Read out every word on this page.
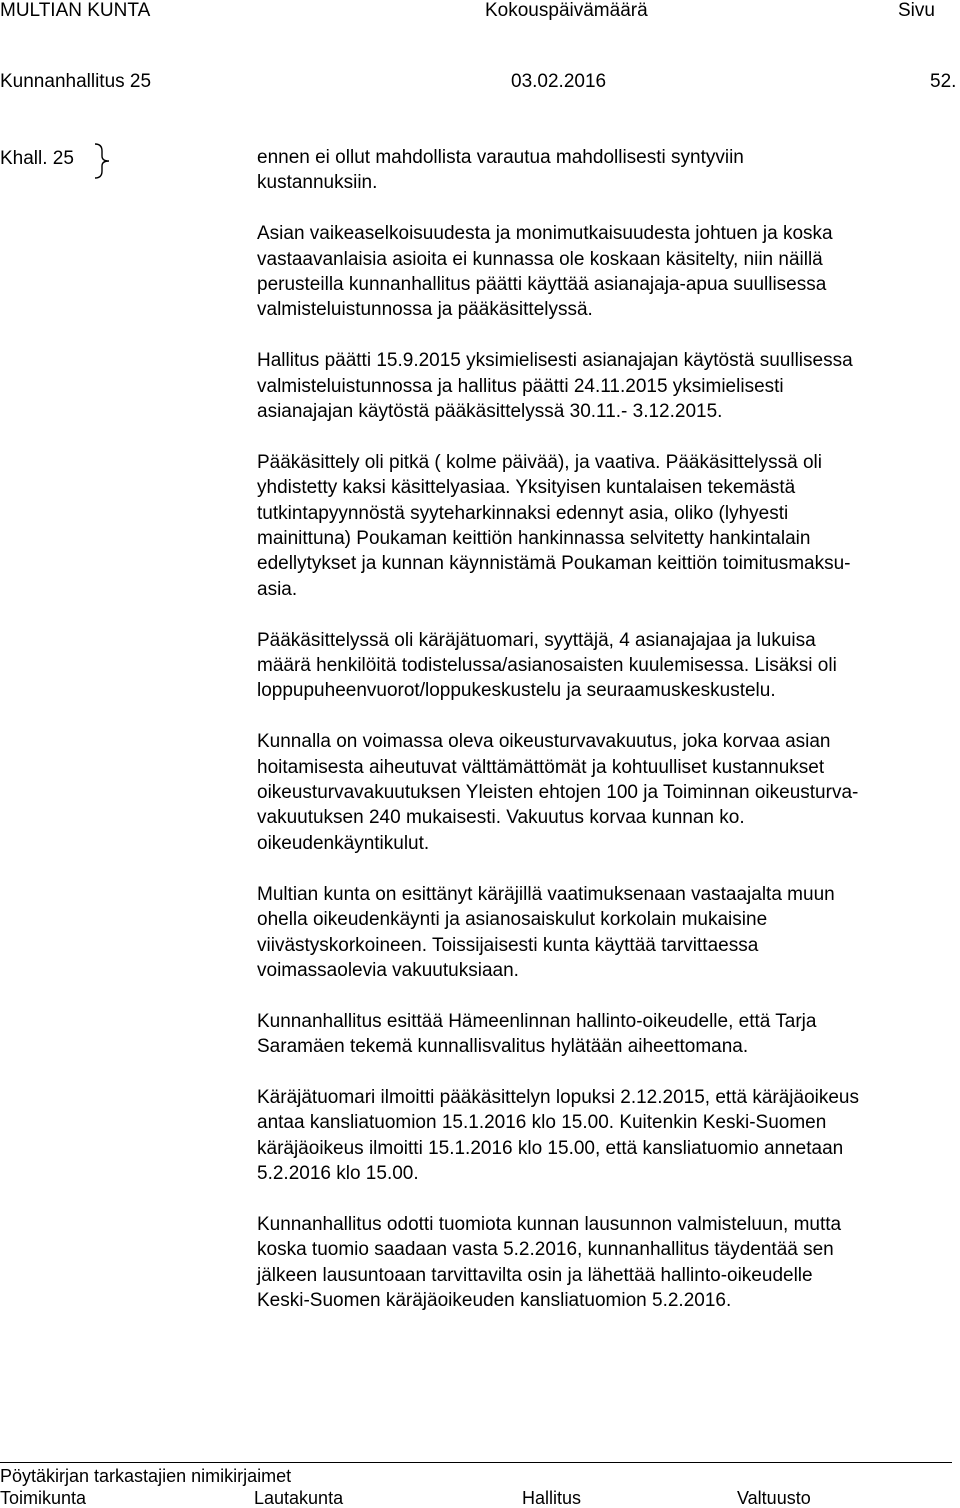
MULTIAN KUNTA	Kokouspäivämäärä	Sivu
Kunnanhallitus 25	03.02.2016	52.
Khall. 25	ennen ei ollut mahdollista varautua mahdollisesti syntyviin
kustannuksiin.

Asian vaikeaselkoisuudesta ja monimutkaisuudesta johtuen ja koska
vastaavanlaisia asioita ei kunnassa ole koskaan käsitelty, niin näillä
perusteilla kunnanhallitus päätti käyttää asianajaja-apua suullisessa
valmisteluistunnossa ja pääkäsittelyssä.

Hallitus päätti 15.9.2015 yksimielisesti asianajajan käytöstä suullisessa
valmisteluistunnossa ja hallitus päätti 24.11.2015 yksimielisesti
asianajajan käytöstä pääkäsittelyssä 30.11.- 3.12.2015.

Pääkäsittely oli pitkä ( kolme päivää), ja vaativa. Pääkäsittelyssä oli
yhdistetty kaksi käsittelyasiaa. Yksityisen kuntalaisen tekemästä
tutkintapyynnöstä syyteharkinnaksi edennyt asia, oliko (lyhyesti
mainittuna) Poukaman keittiön hankinnassa selvitetty hankintalain
edellytykset ja kunnan käynnistämä Poukaman keittiön toimitusmaksu-
asia.

Pääkäsittelyssä oli käräjätuomari, syyttäjä, 4 asianajajaa ja lukuisa
määrä henkilöitä todistelussa/asianosaisten kuulemisessa. Lisäksi oli
loppupuheenvuorot/loppukeskustelu ja seuraamuskeskustelu.

Kunnalla on voimassa oleva oikeusturvavakuutus, joka korvaa asian
hoitamisesta aiheutuvat välttämättömät ja kohtuulliset kustannukset
oikeusturvavakuutuksen Yleisten ehtojen 100 ja Toiminnan oikeusturva-
vakuutuksen 240 mukaisesti. Vakuutus korvaa kunnan ko.
oikeudenkäyntikulut.

Multian kunta on esittänyt käräjillä vaatimuksenaan vastaajalta muun
ohella oikeudenkäynti ja asianosaiskulut korkolain mukaisine
viivästyskorkoineen. Toissijaisesti kunta käyttää tarvittaessa
voimassaolevia vakuutuksiaan.

Kunnanhallitus esittää Hämeenlinnan hallinto-oikeudelle, että Tarja
Saramäen tekemä kunnallisvalitus hylätään aiheettomana.

Käräjätuomari ilmoitti pääkäsittelyn lopuksi 2.12.2015, että käräjäoikeus
antaa kansliatuomion 15.1.2016 klo 15.00. Kuitenkin Keski-Suomen
käräjäoikeus ilmoitti 15.1.2016 klo 15.00, että kansliatuomio annetaan
5.2.2016 klo 15.00.

Kunnanhallitus odotti tuomiota kunnan lausunnon valmisteluun, mutta
koska tuomio saadaan vasta 5.2.2016, kunnanhallitus täydentää sen
jälkeen lausuntoaan tarvittavilta osin ja lähettää hallinto-oikeudelle
Keski-Suomen käräjäoikeuden kansliatuomion 5.2.2016.

Pöytäkirjan tarkastajien nimikirjaimet
Toimikunta	Lautakunta	Hallitus	Valtuusto
